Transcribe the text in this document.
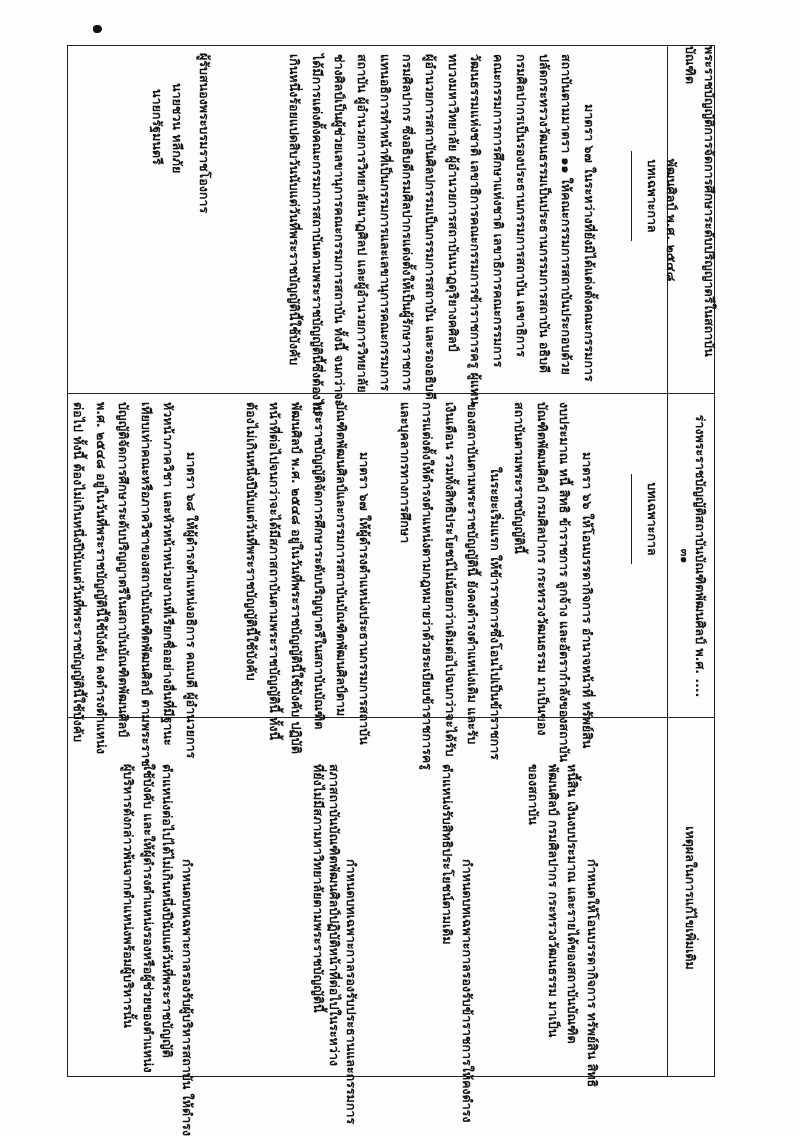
พระราชบัญญัติการจัดการศึกษาระดับปริญญาตรีในสถาบันบัณฑิต
พัฒนศิลป์ พ.ศ. ๒๕๔๘
ร่างพระราชบัญญัติสถาบันบัณฑิตพัฒนศิลป์ พ.ศ. ....
๓๑
เหตุผลในการแก้ไขเพิ่มเติม
บทเฉพาะกาล
มาตรา ๖๗ ในระหว่างที่ยังมิได้แต่งตั้งคณะกรรมการ
สถาบันตามมาตรา ๑๑ ให้คณะกรรมการสถาบันประกอบด้วย
ปลัดกระทรวงวัฒนธรรมเป็นประธานกรรมการสถาบัน อธิบดี
กรมศิลปากรเป็นรองประธานกรรมการสถาบัน เลขาธิการ
คณะกรรมการการศึกษาแห่งชาติ เลขาธิการคณะกรรมการ
วัฒนธรรมแห่งชาติ เลขาธิการคณะกรรมการข้าราชการครู ผู้แทน
ทบวงมหาวิทยาลัย ผู้อำนวยการสถาบันนาฏดุริยางคศิลป์
ผู้อำนวยการสถาบันศิลปกรรมเป็นกรรมการสถาบัน และรองอธิบดี
กรมศิลปากร ซึ่งอธิบดีกรมศิลปากรแต่งตั้งให้เป็นผู้รักษาราชการ
แทนอธิการทำหน้าที่เป็นกรรมการและเลขานุการคณะกรรมการ
สถาบัน ผู้อำนวยการวิทยาลัยนาฏศิลป และผู้อำนวยการวิทยาลัย
ช่างศิลป์เป็นผู้ช่วยเลขานุการคณะกรรมการสถาบัน ทั้งนี้ จนกว่าจะ
ได้มีการแต่งตั้งคณะกรรมการสถาบันตามพระราชบัญญัตินี้ซึ่งต้องไม่
เกินหนึ่งร้อยแปดสิบวันนับแต่วันที่พระราชบัญญัตินี้ใช้บังคับ
ผู้รับสนองพระบรมราชโองการ
นายชวน หลีกภัย
นายกรัฐมนตรี
บทเฉพาะกาล
มาตรา ๖๖ ให้โอนบรรดากิจการ อำนาจหน้าที่ ทรัพย์สิน
งบประมาณ หนี้ สิทธิ ข้าราชการ ลูกจ้าง และอัตรากำลังของสถาบัน
บัณฑิตพัฒนศิลป์ กรมศิลปากร กระทรวงวัฒนธรรม มาเป็นของ
สถาบันตามพระราชบัญญัตินี้
ในระยะเริ่มแรก ให้ข้าราชการซึ่งโอนไปเป็นข้าราชการ
ของสถาบันตามพระราชบัญญัตินี้ ยังคงดำรงตำแหน่งเดิม และรับ
เงินเดือน รวมทั้งสิทธิประโยชน์ไม่น้อยกว่าเดิมต่อไปจนกว่าจะได้รับ
การแต่งตั้งให้ดำรงตำแหน่งตามกฎหมายว่าด้วยระเบียบข้าราชการครู
และบุคลากรทางการศึกษา
มาตรา ๖๗ ให้ผู้ดำรงตำแหน่งประธานกรรมการสถาบัน
บัณฑิตพัฒนศิลป์และกรรมการสถาบันบัณฑิตพัฒนศิลป์ตาม
พระราชบัญญัติจัดการศึกษาระดับปริญญาตรีในสถาบันบัณฑิต
พัฒนศิลป์ พ.ศ. ๒๕๔๘ อยู่ในวันที่พระราชบัญญัตินี้ใช้บังคับ ปฏิบัติ
หน้าที่ต่อไปจนกว่าจะได้มีสภาสถาบันตามพระราชบัญญัตินี้ ทั้งนี้
ต้องไม่เกินหนึ่งปีนับแต่วันที่พระราชบัญญัตินี้ใช้บังคับ
มาตรา ๖๘ ให้ผู้ดำรงตำแหน่งอธิการ คณบดี ผู้อำนวยการ
หัวหน้าภาควิชา และหัวหน้าหน่วยงานที่เรียกชื่ออย่างอื่นที่มีฐานะ
เทียบเท่าคณะหรือภาควิชาของสถาบันบัณฑิตพัฒนศิลป์ ตามพระราช
บัญญัติจัดการศึกษาระดับปริญญาตรีในสถาบันบัณฑิตพัฒนศิลป์
พ.ศ. ๒๕๔๘ อยู่ในวันที่พระราชบัญญัตินี้ใช้บังคับ คงดำรงตำแหน่ง
ต่อไป ทั้งนี้ ต้องไม่เกินหนึ่งปีนับแต่วันที่พระราชบัญญัตินี้ใช้บังคับ
กำหนดให้โอนบรรดากิจการ ทรัพย์สิน สิทธิ
หนี้สิน เงินงบประมาณ และรายได้ของสถาบันบัณฑิต
พัฒนศิลป์ กรมศิลปากร กระทรวงวัฒนธรรม มาเป็น
ของสถาบัน
กำหนดบทเฉพาะกาลรองรับข้าราชการให้คงดำรง
ตำแหน่งรับสิทธิประโยชน์ตามเดิม
กำหนดบทเฉพาะกาลรองรับประธานและกรรมการ
สภาสถาบันบัณฑิตพัฒนศิลป์ปฏิบัติหน้าที่ต่อไปในระหว่าง
ที่ยังไม่มีสภามหาวิทยาลัยตามพระราชบัญญัตินี้
กำหนดบทเฉพาะกาลรองรับผู้บริหารสถาบัน ให้ดำรง
ตำแหน่งต่อไปได้ไม่เกินหนึ่งปีนับแต่วันที่พระราชบัญญัติ
ใช้บังคับ และให้ผู้ดำรงตำแหน่งรองหรือผู้ช่วยของตำแหน่ง
ผู้บริหารดังกล่าวพ้นจากตำแหน่งพร้อมผู้บริหารนั้น
